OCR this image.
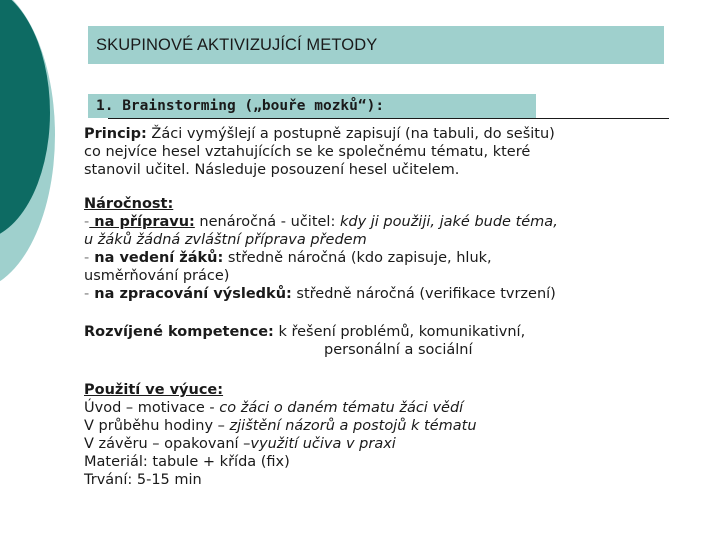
SKUPINOVÉ AKTIVIZUJÍCÍ METODY
1. Brainstorming („bouře mozků“):
Princip: Žáci vymýšlejí a postupně zapisují (na tabuli, do sešitu)
co nejvíce hesel vztahujících se ke společnému tématu, které
stanovil učitel. Následuje posouzení hesel učitelem.
Náročnost:
- na přípravu: nenáročná - učitel: kdy ji použiji, jaké bude téma,
u žáků žádná zvláštní příprava předem
- na vedení žáků: středně náročná (kdo zapisuje, hluk,
usměrňování práce)
- na zpracování výsledků: středně náročná (verifikace tvrzení)
Rozvíjené kompetence: k řešení problémů, komunikativní,
personální a sociální
Použití ve výuce:
Úvod – motivace - co žáci o daném tématu žáci vědí
V průběhu hodiny – zjištění názorů a postojů k tématu
V závěru – opakovaní –využití učiva v praxi
Materiál: tabule + křída (fix)
Trvání: 5-15 min
